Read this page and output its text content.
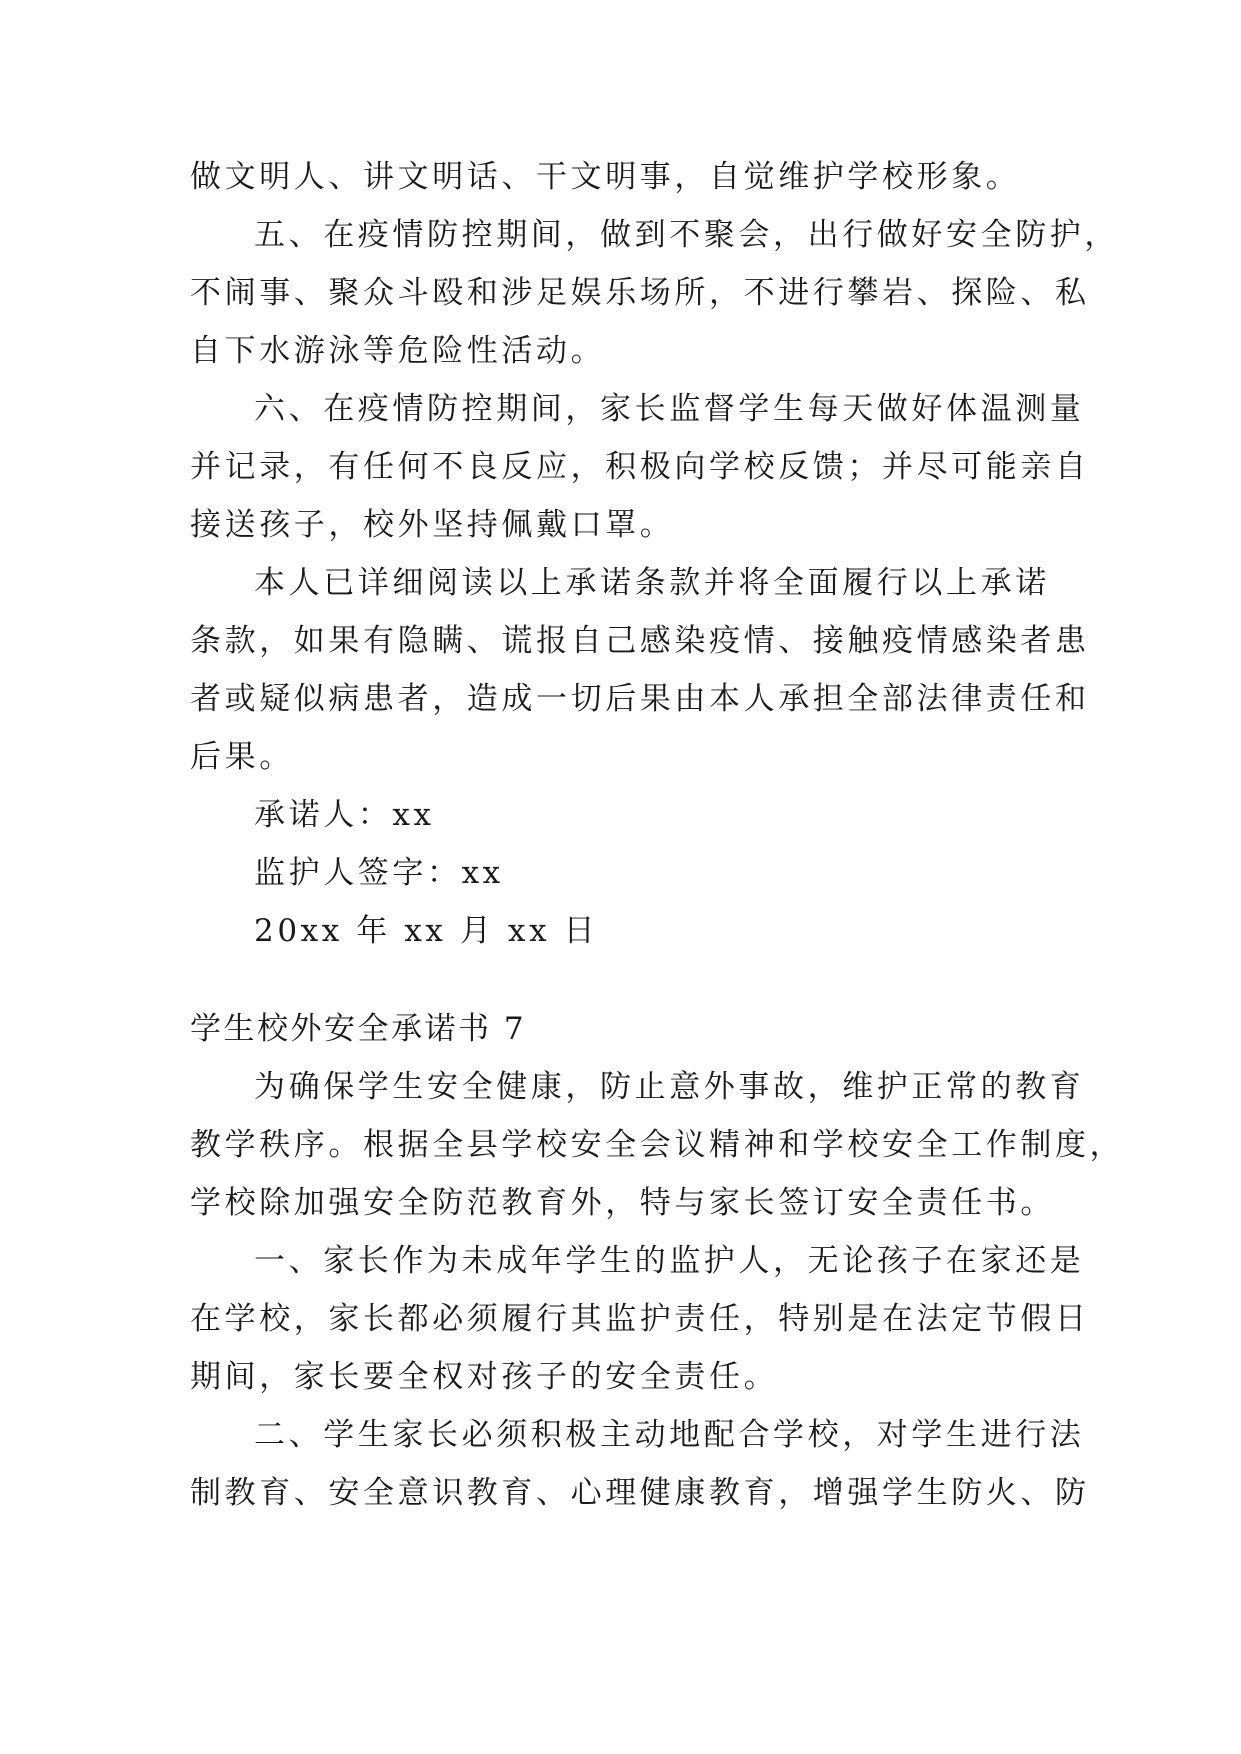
做文明人、讲文明话、干文明事，自觉维护学校形象。
五、在疫情防控期间，做到不聚会，出行做好安全防护，
不闹事、聚众斗殴和涉足娱乐场所，不进行攀岩、探险、私
自下水游泳等危险性活动。
六、在疫情防控期间，家长监督学生每天做好体温测量
并记录，有任何不良反应，积极向学校反馈；并尽可能亲自
接送孩子，校外坚持佩戴口罩。
本人已详细阅读以上承诺条款并将全面履行以上承诺
条款，如果有隐瞒、谎报自己感染疫情、接触疫情感染者患
者或疑似病患者，造成一切后果由本人承担全部法律责任和
后果。
承诺人：xx
监护人签字：xx
20xx 年 xx 月 xx 日
学生校外安全承诺书 7
为确保学生安全健康，防止意外事故，维护正常的教育
教学秩序。根据全县学校安全会议精神和学校安全工作制度，
学校除加强安全防范教育外，特与家长签订安全责任书。
一、家长作为未成年学生的监护人，无论孩子在家还是
在学校，家长都必须履行其监护责任，特别是在法定节假日
期间，家长要全权对孩子的安全责任。
二、学生家长必须积极主动地配合学校，对学生进行法
制教育、安全意识教育、心理健康教育，增强学生防火、防
